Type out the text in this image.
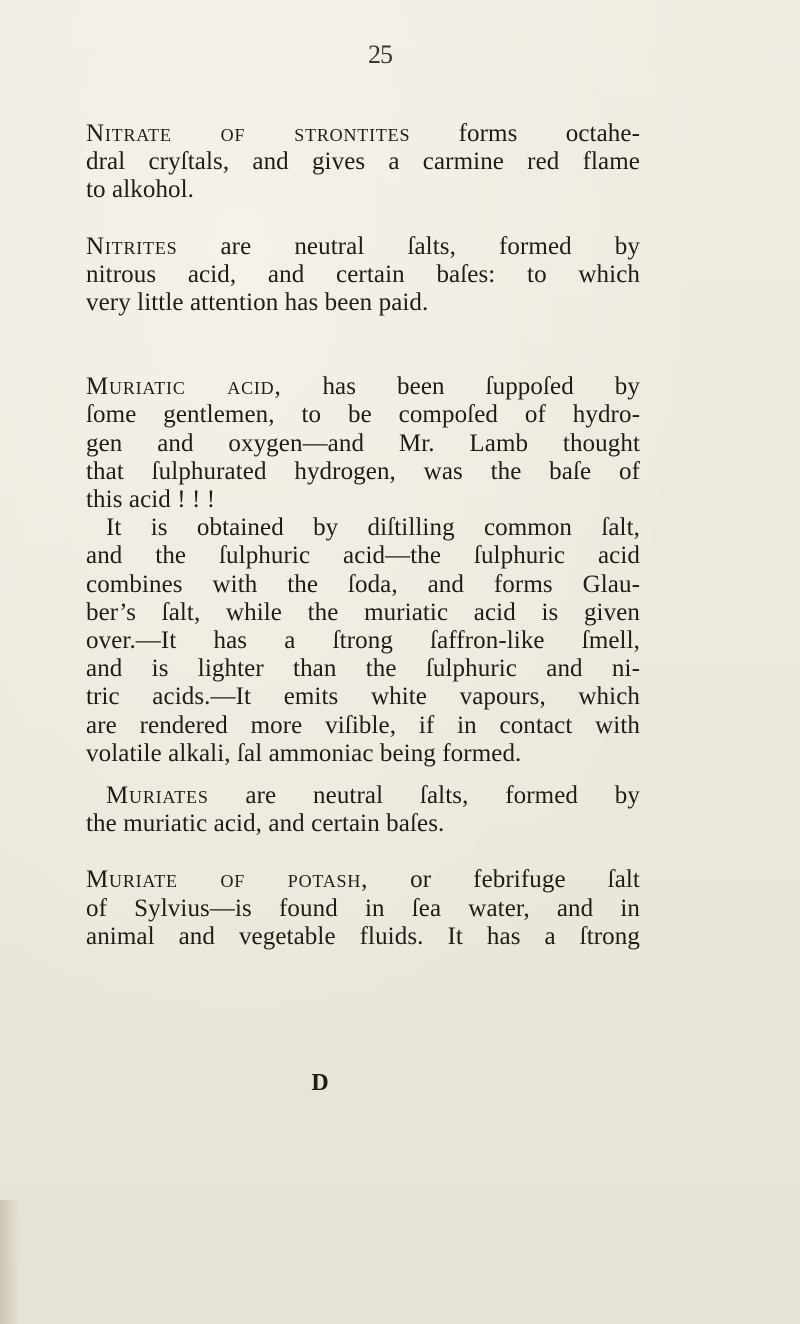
25
Nitrate of strontites forms octahe-
dral cryſtals, and gives a carmine red flame
to alkohol.
Nitrites are neutral ſalts, formed by
nitrous acid, and certain baſes: to which
very little attention has been paid.
Muriatic acid, has been ſuppoſed by
ſome gentlemen, to be compoſed of hydro-
gen and oxygen—and Mr. Lamb thought
that ſulphurated hydrogen, was the baſe of
this acid ! ! !
It is obtained by diſtilling common ſalt,
and the ſulphuric acid—the ſulphuric acid
combines with the ſoda, and forms Glau-
ber’s ſalt, while the muriatic acid is given
over.—It has a ſtrong ſaffron-like ſmell,
and is lighter than the ſulphuric and ni-
tric acids.—It emits white vapours, which
are rendered more viſible, if in contact with
volatile alkali, ſal ammoniac being formed.
Muriates are neutral ſalts, formed by
the muriatic acid, and certain baſes.
Muriate of potash, or febrifuge ſalt
of Sylvius—is found in ſea water, and in
animal and vegetable fluids. It has a ſtrong
D
